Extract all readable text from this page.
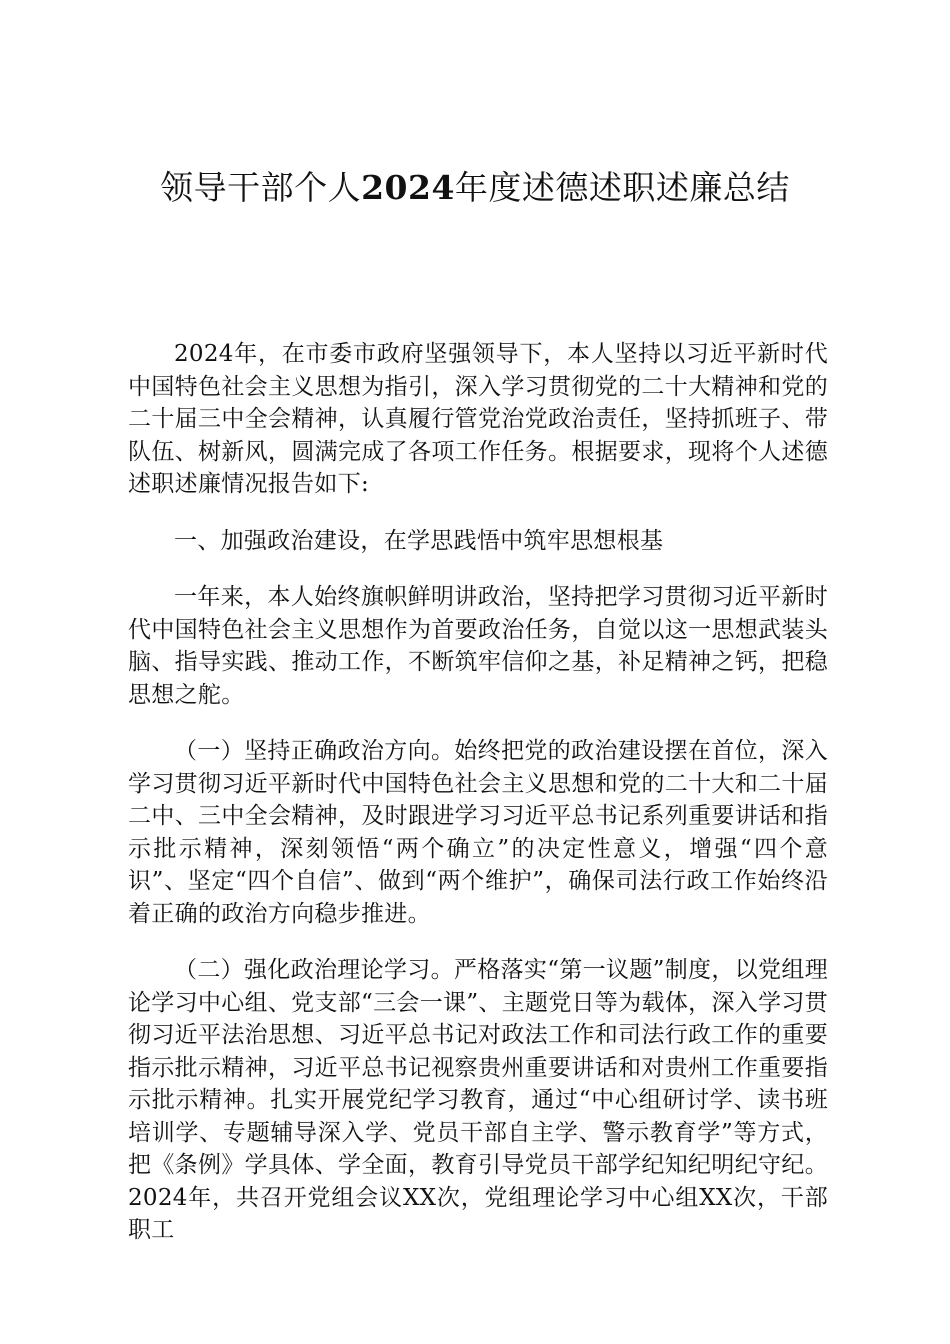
领导干部个人2024年度述德述职述廉总结

2024年，在市委市政府坚强领导下，本人坚持以习近平新时代中国特色社会主义思想为指引，深入学习贯彻党的二十大精神和党的二十届三中全会精神，认真履行管党治党政治责任，坚持抓班子、带队伍、树新风，圆满完成了各项工作任务。根据要求，现将个人述德述职述廉情况报告如下:

一、加强政治建设，在学思践悟中筑牢思想根基

一年来，本人始终旗帜鲜明讲政治，坚持把学习贯彻习近平新时代中国特色社会主义思想作为首要政治任务，自觉以这一思想武装头脑、指导实践、推动工作，不断筑牢信仰之基，补足精神之钙，把稳思想之舵。

（一）坚持正确政治方向。始终把党的政治建设摆在首位，深入学习贯彻习近平新时代中国特色社会主义思想和党的二十大和二十届二中、三中全会精神，及时跟进学习习近平总书记系列重要讲话和指示批示精神，深刻领悟“两个确立”的决定性意义，增强“四个意识”、坚定“四个自信”、做到“两个维护”，确保司法行政工作始终沿着正确的政治方向稳步推进。

（二）强化政治理论学习。严格落实“第一议题”制度，以党组理论学习中心组、党支部“三会一课”、主题党日等为载体，深入学习贯彻习近平法治思想、习近平总书记对政法工作和司法行政工作的重要指示批示精神，习近平总书记视察贵州重要讲话和对贵州工作重要指示批示精神。扎实开展党纪学习教育，通过“中心组研讨学、读书班培训学、专题辅导深入学、党员干部自主学、警示教育学”等方式，把《条例》学具体、学全面，教育引导党员干部学纪知纪明纪守纪。2024年，共召开党组会议XX次，党组理论学习中心组XX次，干部职工
